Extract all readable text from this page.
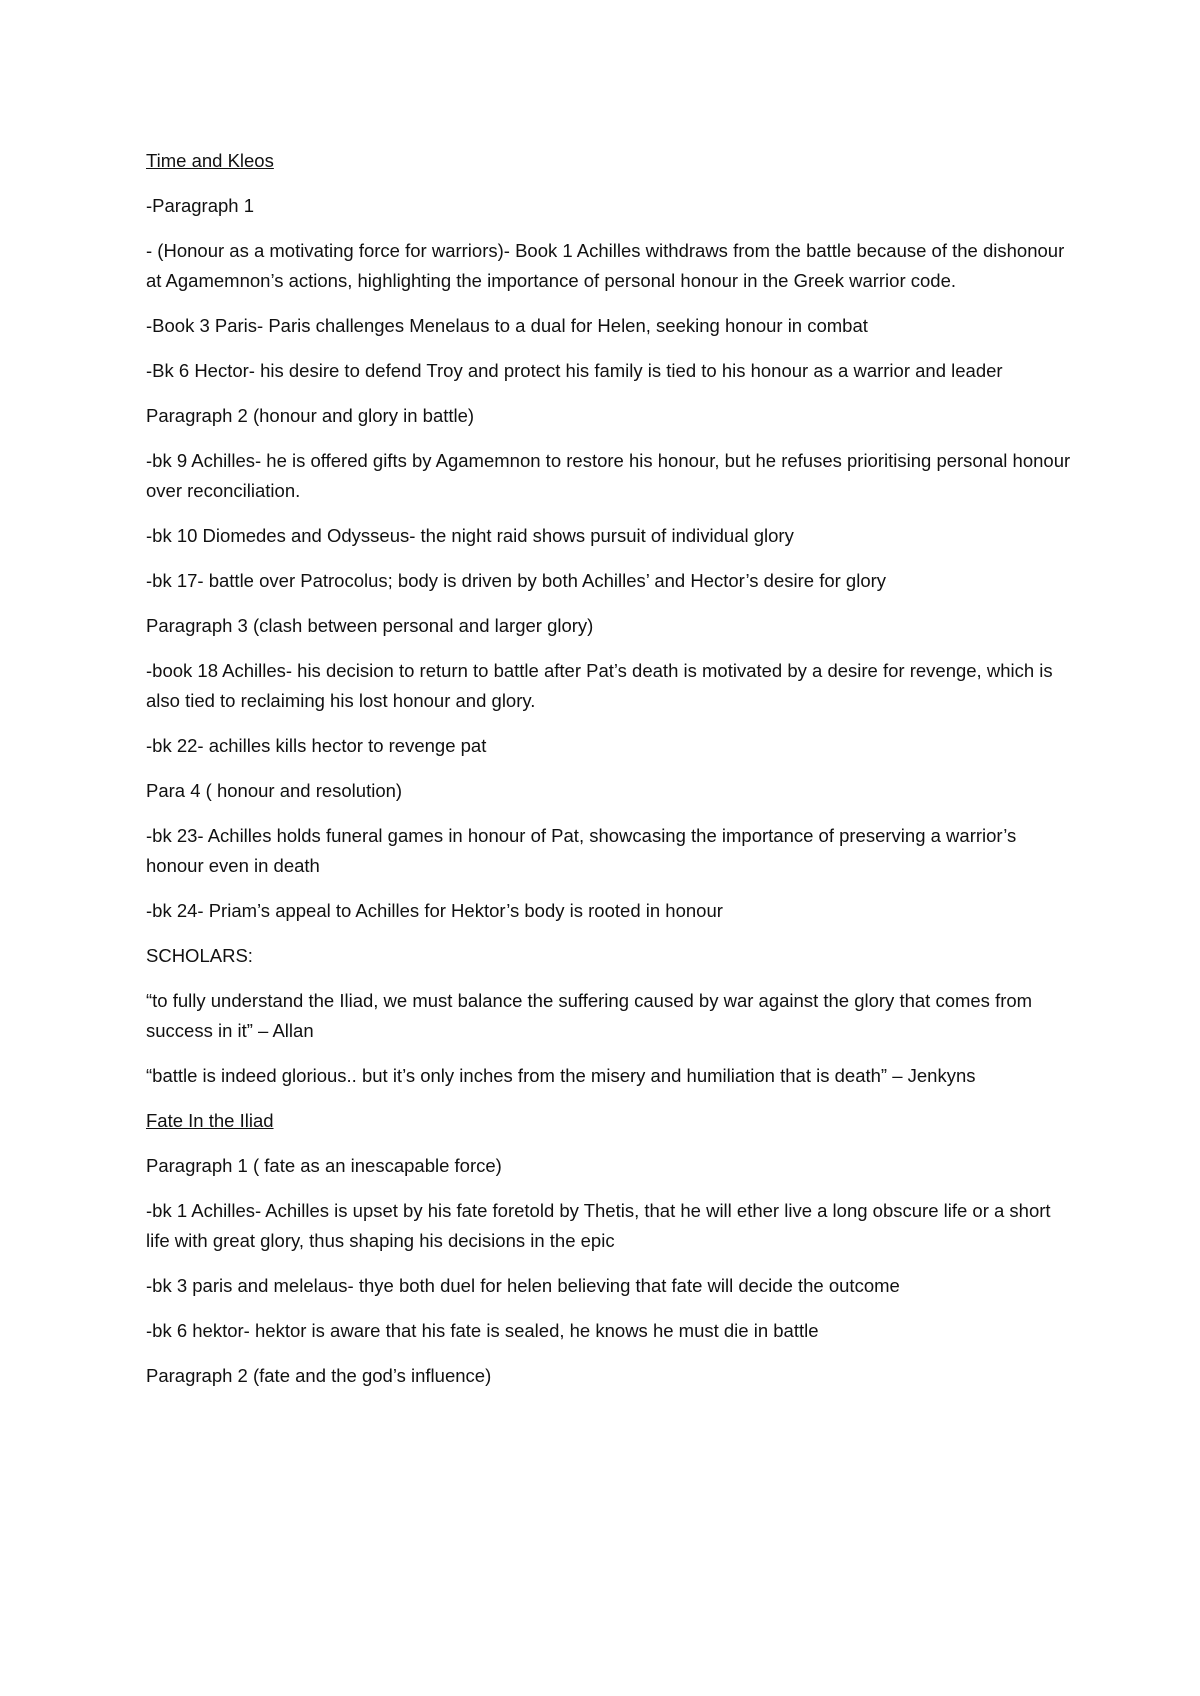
Time and Kleos

-Paragraph 1

- (Honour as a motivating force for warriors)- Book 1 Achilles withdraws from the battle because of the dishonour at Agamemnon’s actions, highlighting the importance of personal honour in the Greek warrior code.

-Book 3 Paris- Paris challenges Menelaus to a dual for Helen, seeking honour in combat

-Bk 6 Hector- his desire to defend Troy and protect his family is tied to his honour as a warrior and leader

Paragraph 2 (honour and glory in battle)

-bk 9 Achilles- he is offered gifts by Agamemnon to restore his honour, but he refuses prioritising personal honour over reconciliation.

-bk 10 Diomedes and Odysseus- the night raid shows pursuit of individual glory

-bk 17- battle over Patrocolus; body is driven by both Achilles’ and Hector’s desire for glory

Paragraph 3 (clash between personal and larger glory)

-book 18 Achilles- his decision to return to battle after Pat’s death is motivated by a desire for revenge, which is also tied to reclaiming his lost honour and glory.

-bk 22- achilles kills hector to revenge pat

Para 4 ( honour and resolution)

-bk 23- Achilles holds funeral games in honour of Pat, showcasing the importance of preserving a warrior’s honour even in death

-bk 24- Priam’s appeal to Achilles for Hektor’s body is rooted in honour

SCHOLARS:

“to fully understand the Iliad, we must balance the suffering caused by war against the glory that comes from success in it” – Allan

“battle is indeed glorious.. but it’s only inches from the misery and humiliation that is death” – Jenkyns

Fate In the Iliad

Paragraph 1 ( fate as an inescapable force)

-bk 1 Achilles- Achilles is upset by his fate foretold by Thetis, that he will ether live a long obscure life or a short life with great glory, thus shaping his decisions in the epic

-bk 3 paris and melelaus- thye both duel for helen believing that fate will decide the outcome

-bk 6 hektor- hektor is aware that his fate is sealed, he knows he must die in battle

Paragraph 2 (fate and the god’s influence)
